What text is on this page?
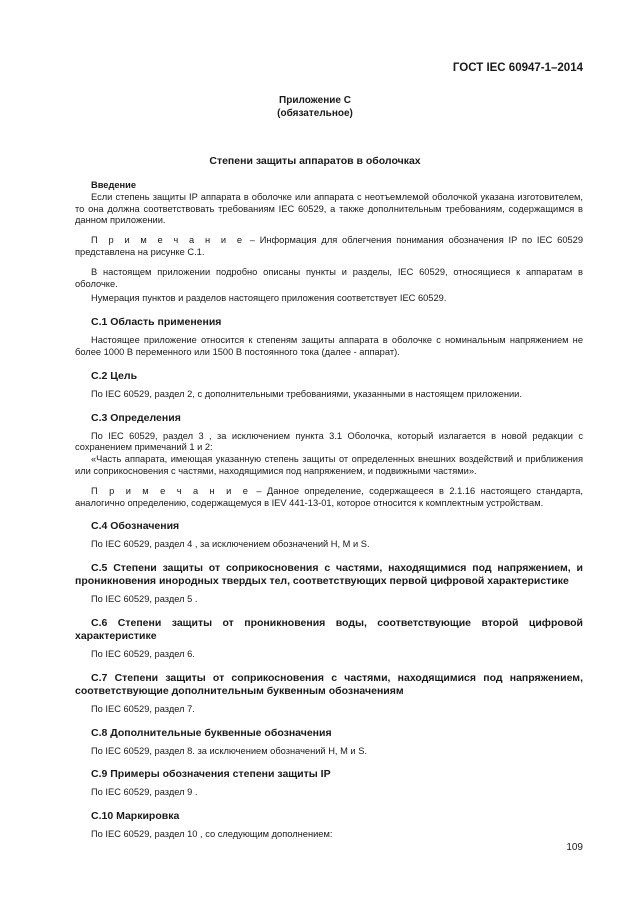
ГОСТ IEC 60947-1–2014
Приложение С
(обязательное)
Степени защиты аппаратов в оболочках

Введение

Если степень защиты IP аппарата в оболочке или аппарата с неотъемлемой оболочкой указана изготовителем, то она должна соответствовать требованиям IEC 60529, а также дополнительным требованиям, содержащимся в данном приложении.

П р и м е ч а н и е – Информация для облегчения понимания обозначения IP по IEC 60529 представлена на рисунке С.1.

В настоящем приложении подробно описаны пункты и разделы, IEC 60529, относящиеся к аппаратам в оболочке.

Нумерация пунктов и разделов настоящего приложения соответствует IEC 60529.

С.1 Область применения

Настоящее приложение относится к степеням защиты аппарата в оболочке с номинальным напряжением не более 1000 В переменного или 1500 В постоянного тока (далее - аппарат).

С.2 Цель

По IEC 60529, раздел 2, с дополнительными требованиями, указанными в настоящем приложении.

С.3 Определения

По IEC 60529, раздел 3 , за исключением пункта 3.1 Оболочка, который излагается в новой редакции с сохранением примечаний 1 и 2:

«Часть аппарата, имеющая указанную степень защиты от определенных внешних воздействий и приближения или соприкосновения с частями, находящимися под напряжением, и подвижными частями».

П р и м е ч а н и е – Данное определение, содержащееся в 2.1.16 настоящего стандарта, аналогично определению, содержащемуся в IEV 441-13-01, которое относится к комплектным устройствам.

С.4 Обозначения

По IEC 60529, раздел 4 , за исключением обозначений H, M и S.

С.5 Степени защиты от соприкосновения с частями, находящимися под напряжением, и проникновения инородных твердых тел, соответствующих первой цифровой характеристике

По IEC 60529, раздел 5 .

С.6 Степени защиты от проникновения воды, соответствующие второй цифровой характеристике

По IEC 60529, раздел 6.

С.7 Степени защиты от соприкосновения с частями, находящимися под напряжением, соответствующие дополнительным буквенным обозначениям

По IEC 60529, раздел 7.

С.8 Дополнительные буквенные обозначения

По IEC 60529, раздел 8. за исключением обозначений H, M и S.

С.9 Примеры обозначения степени защиты IP

По IEC 60529, раздел 9 .

С.10 Маркировка

По IEC 60529, раздел 10 , со следующим дополнением:

109
